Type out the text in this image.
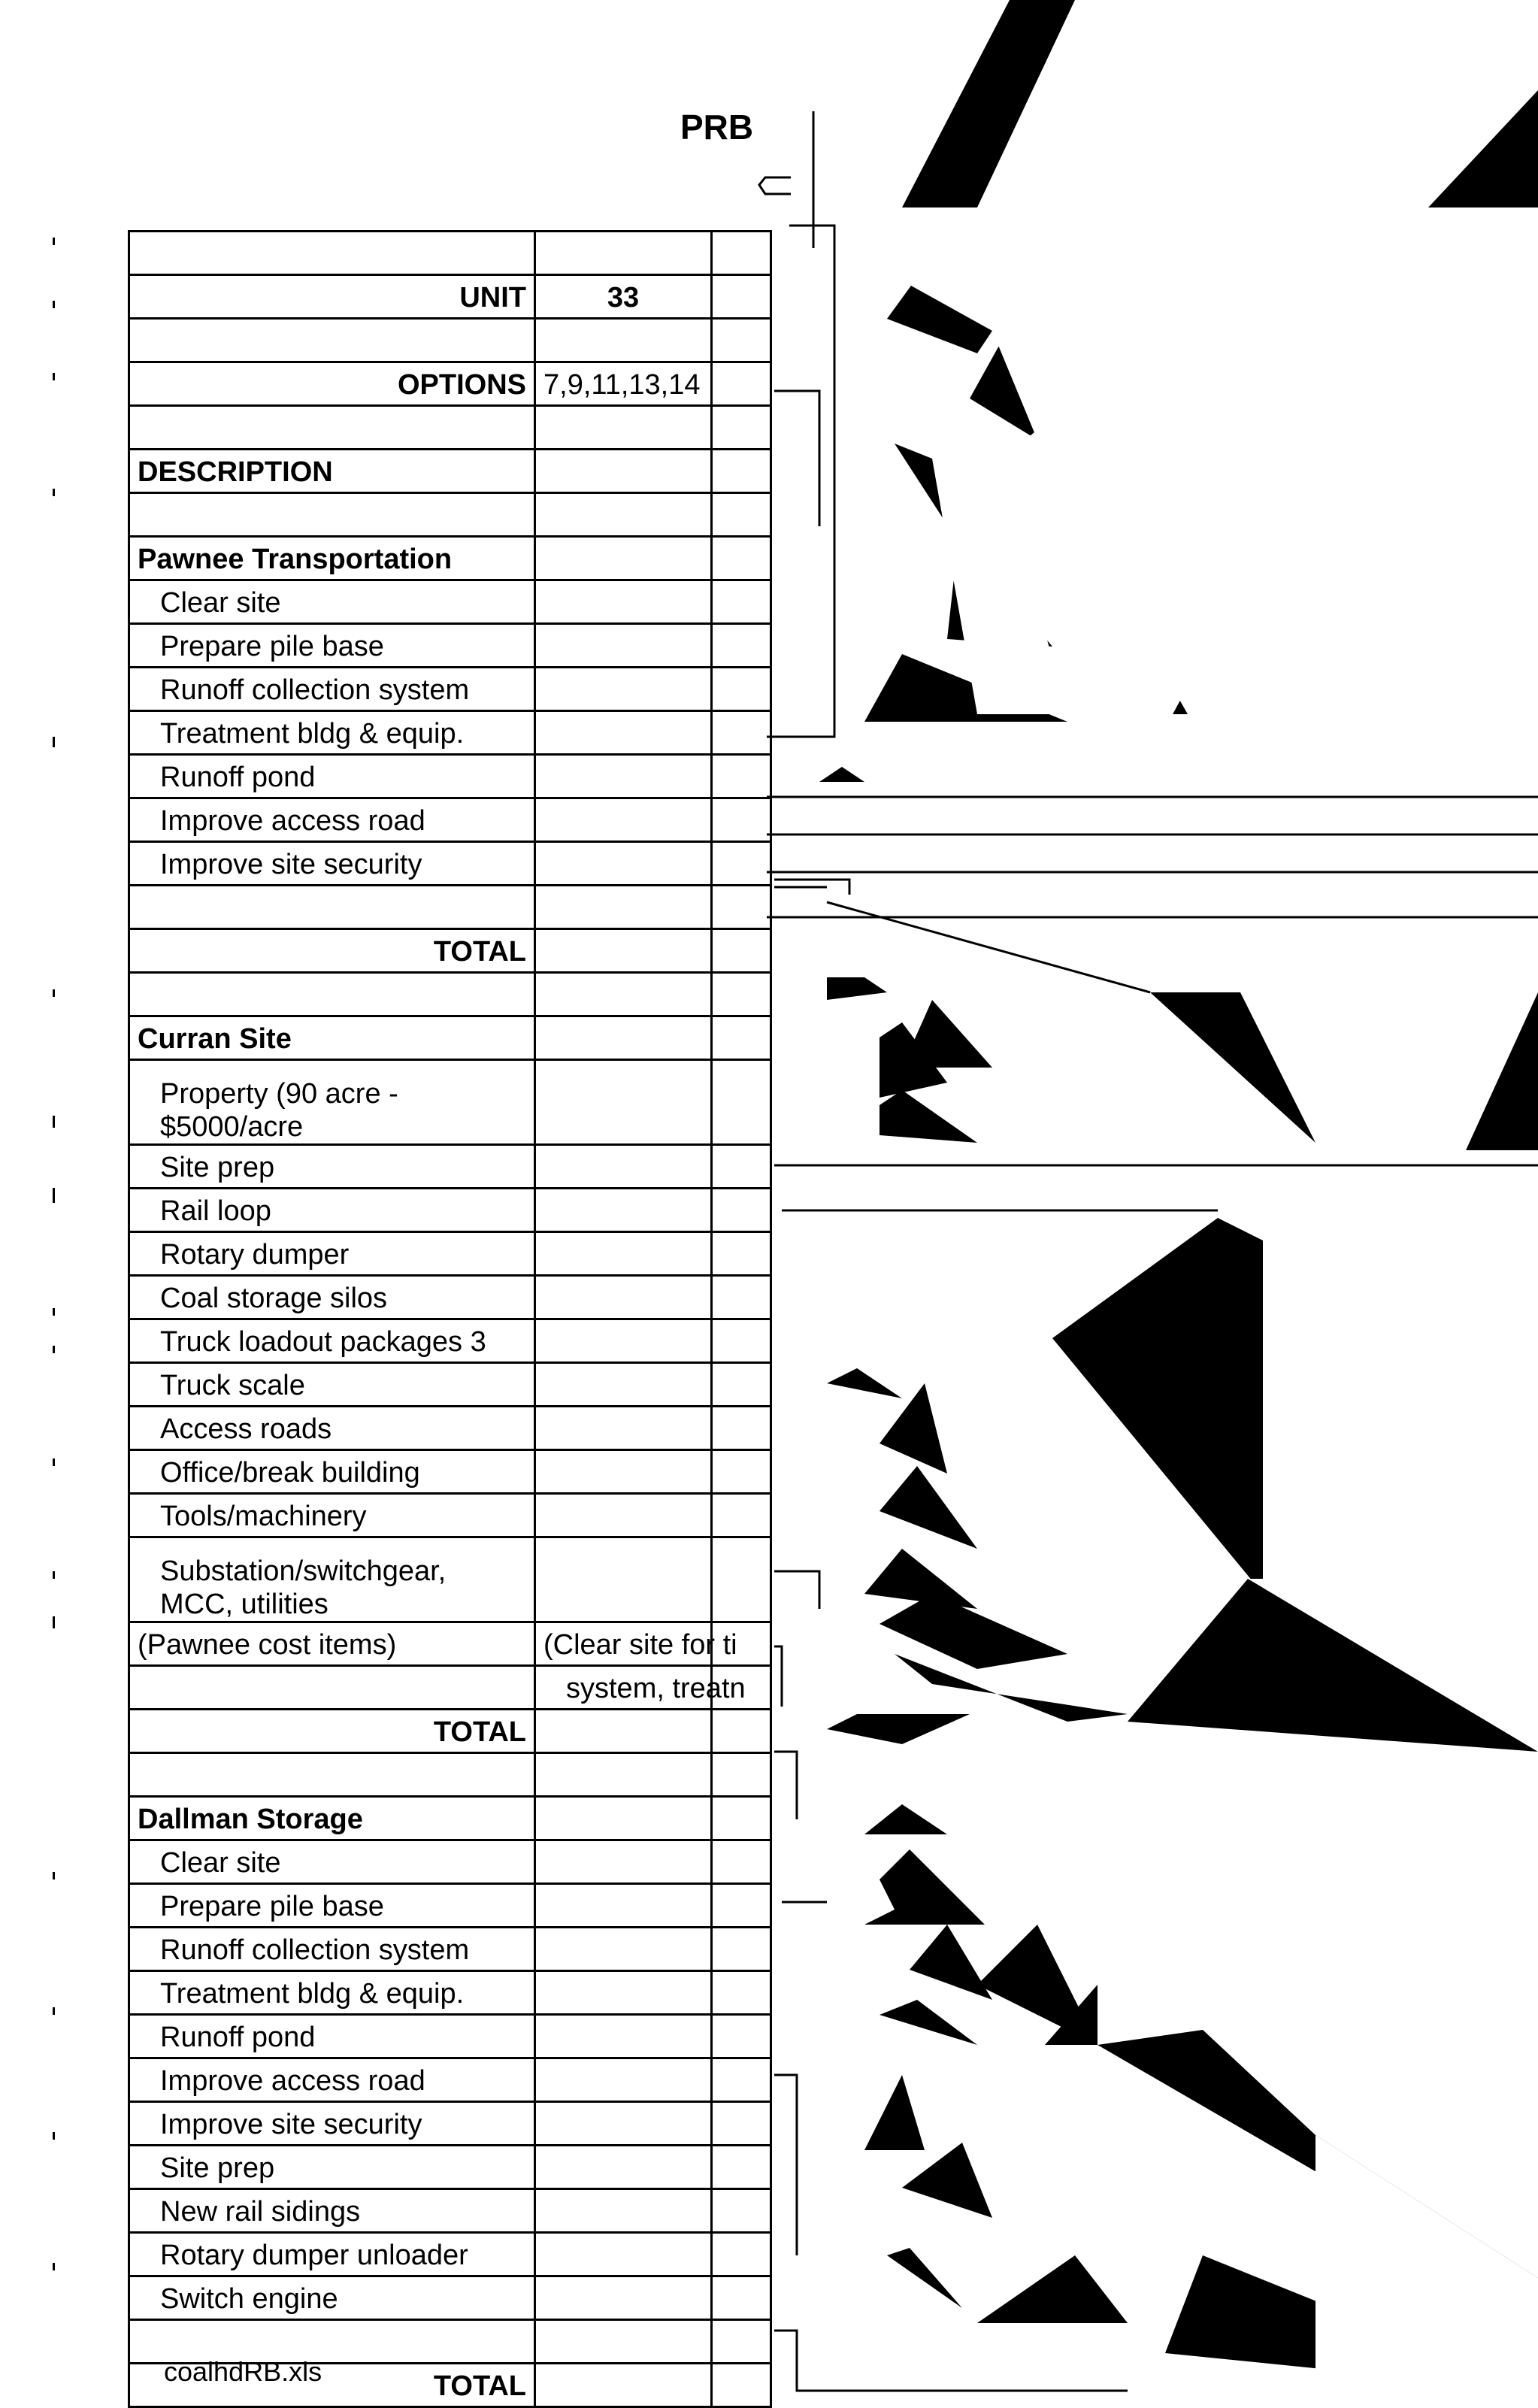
PRB

UNIT	33	

OPTIONS	7,9,11,13,14	

DESCRIPTION		

Pawnee Transportation		
Clear site		
Prepare pile base		
Runoff collection system		
Treatment bldg & equip.		
Runoff pond		
Improve access road		
Improve site security		

TOTAL		

Curran Site		
Property (90 acre - $5000/acre		
Site prep		
Rail loop		
Rotary dumper		
Coal storage silos		
Truck loadout packages 3		
Truck scale		
Access roads		
Office/break building		
Tools/machinery		
Substation/switchgear, MCC, utilities		
(Pawnee cost items)	(Clear site for ti	
	system, treatn	
TOTAL		

Dallman Storage		
Clear site		
Prepare pile base		
Runoff collection system		
Treatment bldg & equip.		
Runoff pond		
Improve access road		
Improve site security		
Site prep		
New rail sidings		
Rotary dumper unloader		
Switch engine		

TOTAL		
coalhdRB.xls
